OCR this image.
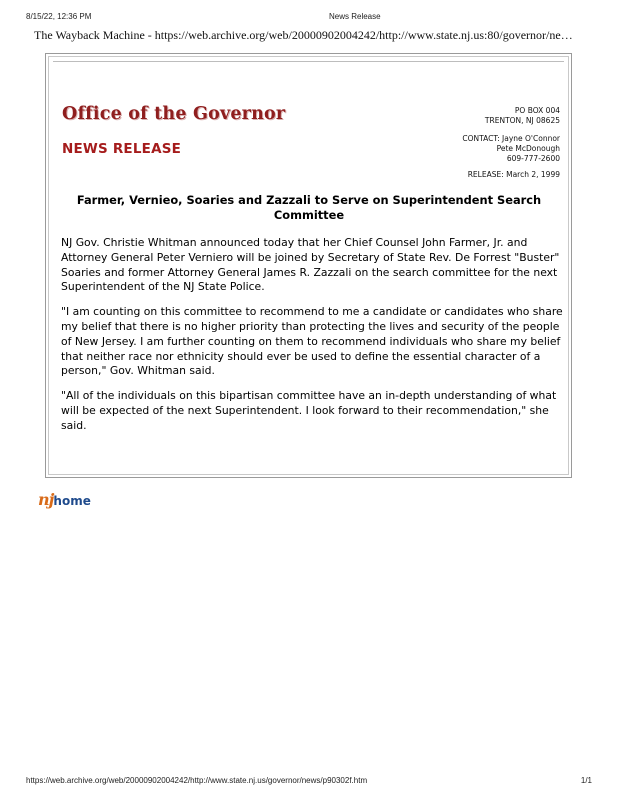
8/15/22, 12:36 PM	News Release
The Wayback Machine - https://web.archive.org/web/20000902004242/http://www.state.nj.us:80/governor/ne…
Office of the Governor
NEWS RELEASE
PO BOX 004
TRENTON, NJ 08625
CONTACT: Jayne O'Connor
Pete McDonough
609-777-2600
RELEASE: March 2, 1999
Farmer, Vernieo, Soaries and Zazzali to Serve on Superintendent Search Committee

NJ Gov. Christie Whitman announced today that her Chief Counsel John Farmer, Jr. and Attorney General Peter Verniero will be joined by Secretary of State Rev. De Forrest "Buster" Soaries and former Attorney General James R. Zazzali on the search committee for the next Superintendent of the NJ State Police.

"I am counting on this committee to recommend to me a candidate or candidates who share my belief that there is no higher priority than protecting the lives and security of the people of New Jersey. I am further counting on them to recommend individuals who share my belief that neither race nor ethnicity should ever be used to define the essential character of a person," Gov. Whitman said.

"All of the individuals on this bipartisan committee have an in-depth understanding of what will be expected of the next Superintendent. I look forward to their recommendation," she said.

nj home
https://web.archive.org/web/20000902004242/http://www.state.nj.us/governor/news/p90302f.htm	1/1
